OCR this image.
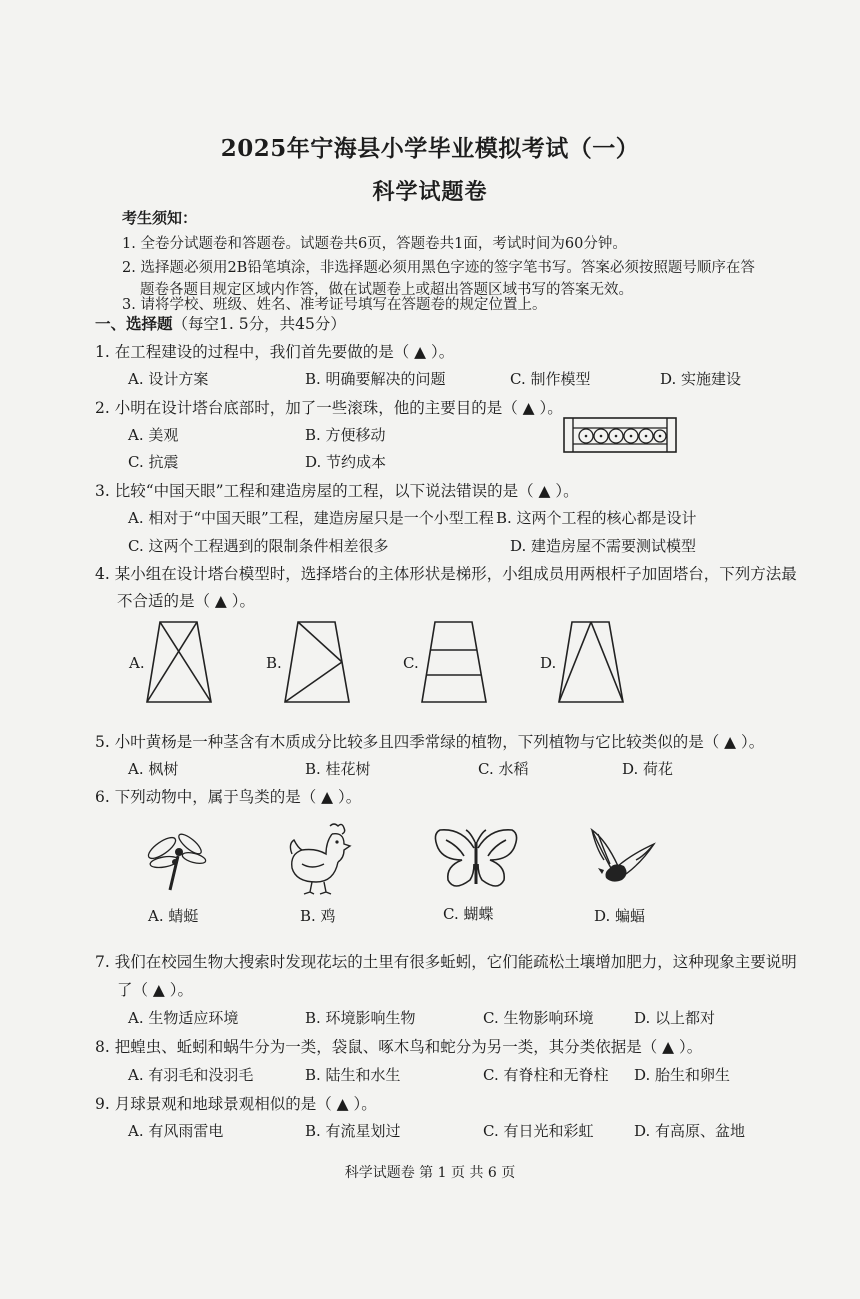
2025年宁海县小学毕业模拟考试（一）
科学试题卷
考生须知：
1. 全卷分试题卷和答题卷。试题卷共6页，答题卷共1面，考试时间为60分钟。
2. 选择题必须用2B铅笔填涂，非选择题必须用黑色字迹的签字笔书写。答案必须按照题号顺序在答
题卷各题目规定区域内作答，做在试题卷上或超出答题区域书写的答案无效。
3. 请将学校、班级、姓名、准考证号填写在答题卷的规定位置上。
一、选择题（每空1. 5分，共45分）
1. 在工程建设的过程中，我们首先要做的是（ ▲ ）。
A. 设计方案	B. 明确要解决的问题	C. 制作模型	D. 实施建设
2. 小明在设计塔台底部时，加了一些滚珠，他的主要目的是（ ▲ ）。
A. 美观	B. 方便移动
C. 抗震	D. 节约成本
3. 比较“中国天眼”工程和建造房屋的工程，以下说法错误的是（ ▲ ）。
A. 相对于“中国天眼”工程，建造房屋只是一个小型工程 B. 这两个工程的核心都是设计
C. 这两个工程遇到的限制条件相差很多	D. 建造房屋不需要测试模型
4. 某小组在设计塔台模型时，选择塔台的主体形状是梯形，小组成员用两根杆子加固塔台，下列方法最
不合适的是（ ▲ ）。
A.	B.	C.	D.
5. 小叶黄杨是一种茎含有木质成分比较多且四季常绿的植物，下列植物与它比较类似的是（ ▲ ）。
A. 枫树	B. 桂花树	C. 水稻	D. 荷花
6. 下列动物中，属于鸟类的是（ ▲ ）。
A. 蜻蜓	B. 鸡	C. 蝴蝶	D. 蝙蝠
7. 我们在校园生物大搜索时发现花坛的土里有很多蚯蚓，它们能疏松土壤增加肥力，这种现象主要说明
了（ ▲ ）。
A. 生物适应环境	B. 环境影响生物	C. 生物影响环境	D. 以上都对
8. 把蝗虫、蚯蚓和蜗牛分为一类，袋鼠、啄木鸟和蛇分为另一类，其分类依据是（ ▲ ）。
A. 有羽毛和没羽毛	B. 陆生和水生	C. 有脊柱和无脊柱 D. 胎生和卵生
9. 月球景观和地球景观相似的是（ ▲ ）。
A. 有风雨雷电	B. 有流星划过	C. 有日光和彩虹	D. 有高原、盆地
科学试题卷 第 1 页 共 6 页
